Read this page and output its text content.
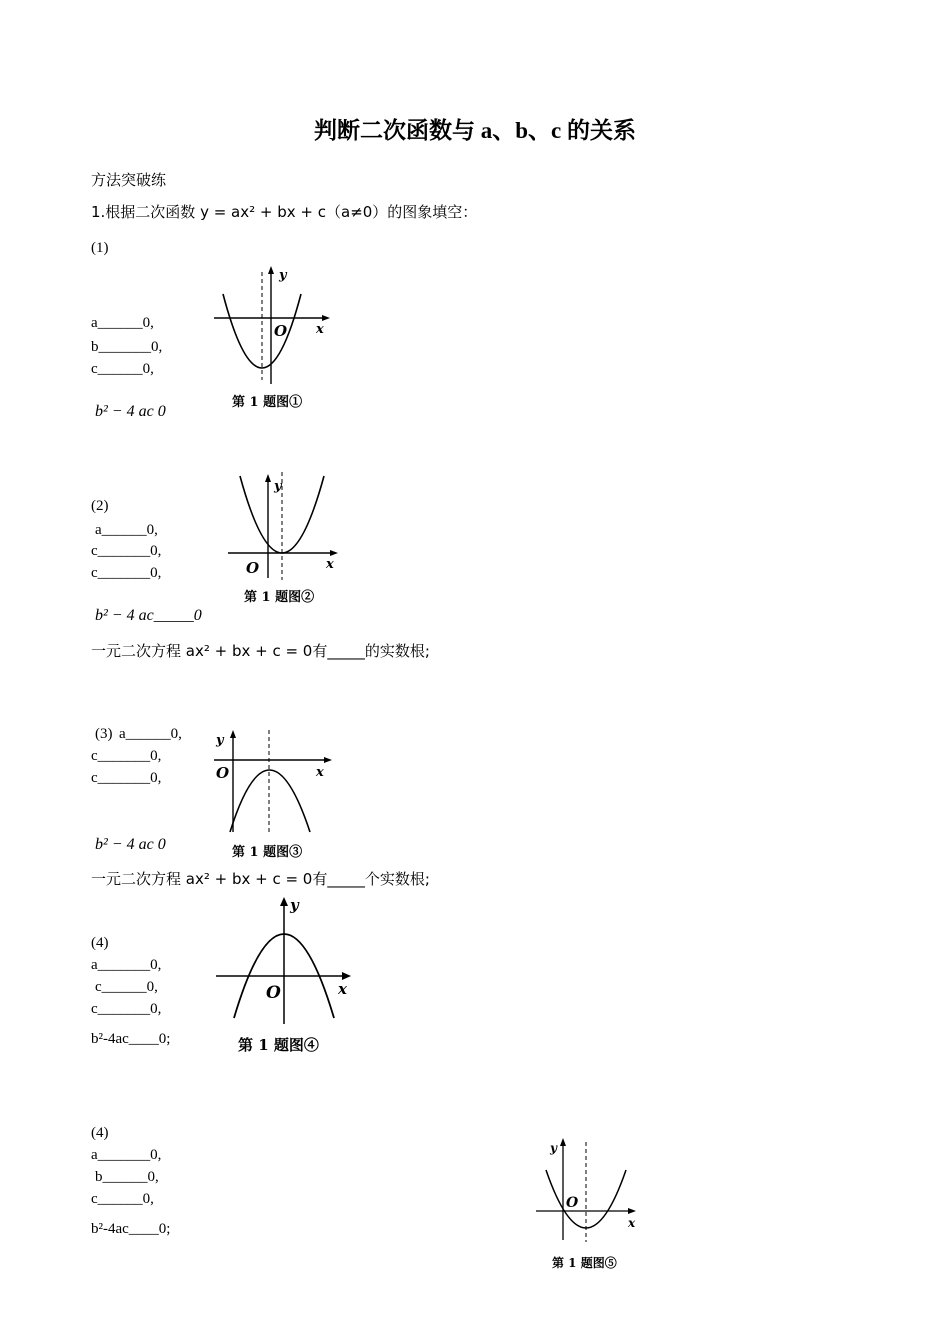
判断二次函数与 a、b、c 的关系
方法突破练
1.根据二次函数 y = ax² + bx + c（a≠0）的图象填空：
(1)
a______0,
b_______0,
c______0,
b² − 4 ac 0
y
x
O
第 1 题图①
(2)
a______0,
c_______0,
c_______0,
b² − 4 ac_____0
一元二次方程 ax² + bx + c = 0有_____的实数根;
y
x
O
第 1 题图②
(3) a______0,
c_______0,
c_______0,
b² − 4 ac 0
一元二次方程 ax² + bx + c = 0有_____个实数根;
y
x
O
第 1 题图③
(4)
a_______0,
c______0,
c_______0,
b²-4ac____0;
y
x
O
第 1 题图④
(4)
a_______0,
b______0,
c______0,
b²-4ac____0;
y
x
O
第 1 题图⑤
